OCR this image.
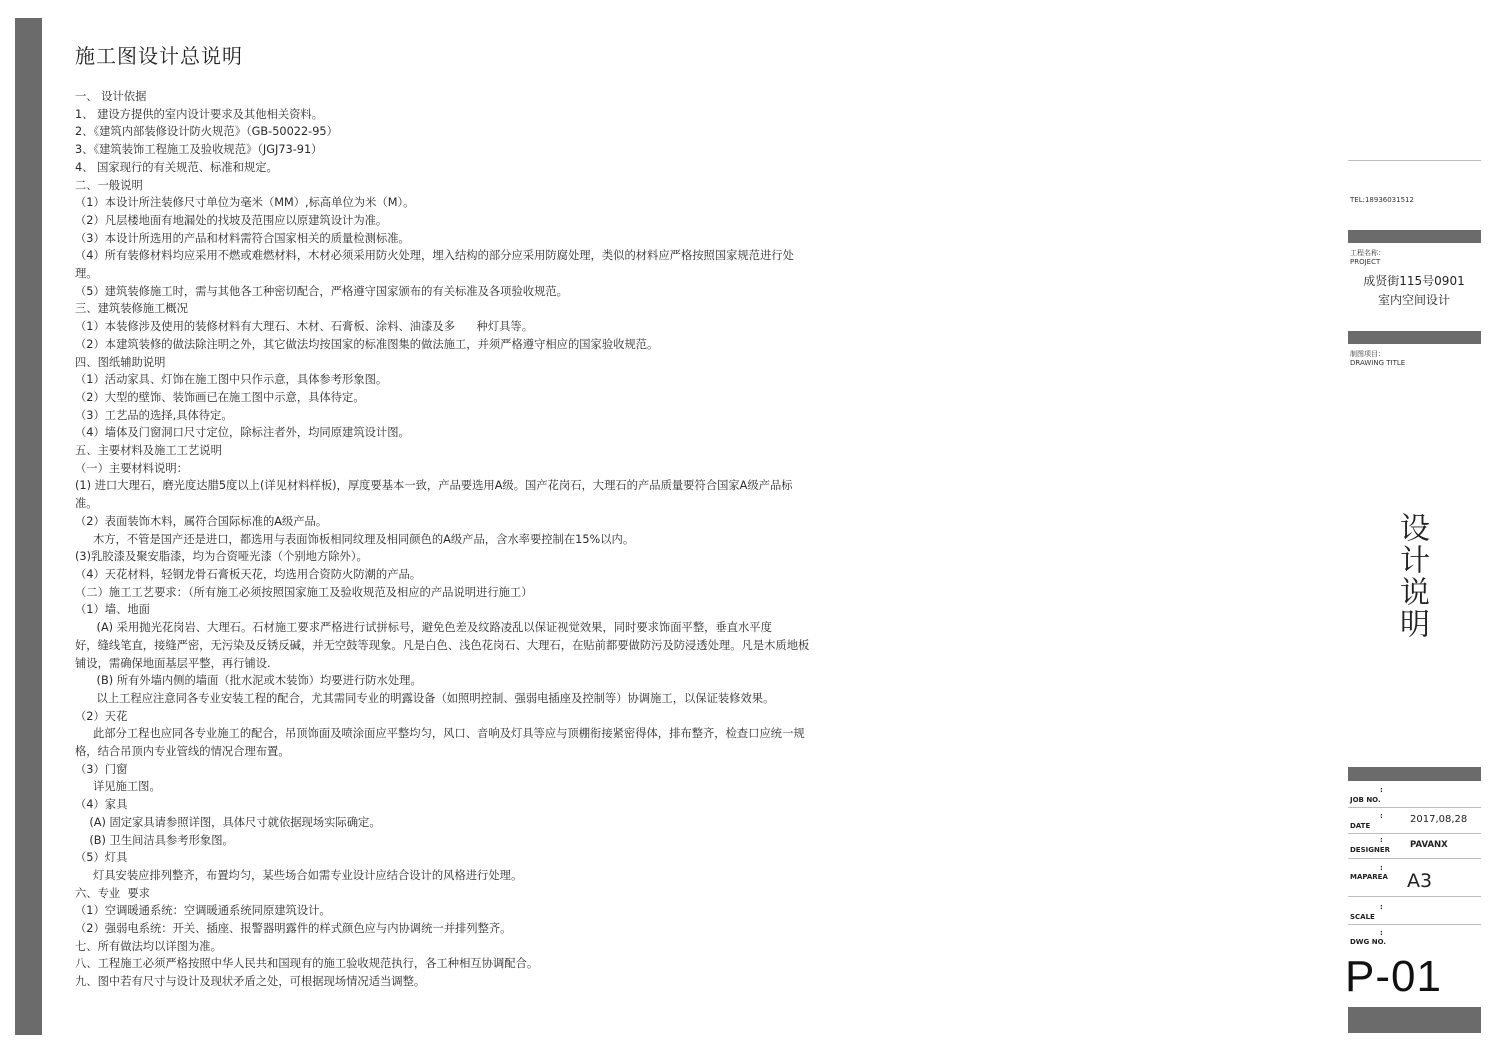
施工图设计总说明
一、 设计依据
1、 建设方提供的室内设计要求及其他相关资料。
2、《建筑内部装修设计防火规范》（GB-50022-95）
3、《建筑装饰工程施工及验收规范》（JGJ73-91）
4、 国家现行的有关规范、标准和规定。
二、一般说明
（1）本设计所注装修尺寸单位为毫米（MM）,标高单位为米（M）。
（2）凡层楼地面有地漏处的找坡及范围应以原建筑设计为准。
（3）本设计所选用的产品和材料需符合国家相关的质量检测标准。
（4）所有装修材料均应采用不燃或难燃材料，木材必须采用防火处理，埋入结构的部分应采用防腐处理，类似的材料应严格按照国家规范进行处
理。
（5）建筑装修施工时，需与其他各工种密切配合，严格遵守国家颁布的有关标准及各项验收规范。
三、建筑装修施工概况
（1）本装修涉及使用的装修材料有大理石、木材、石膏板、涂料、油漆及多      种灯具等。
（2）本建筑装修的做法除注明之外，其它做法均按国家的标准图集的做法施工，并须严格遵守相应的国家验收规范。
四、图纸辅助说明
（1）活动家具、灯饰在施工图中只作示意，具体参考形象图。
（2）大型的壁饰、装饰画已在施工图中示意，具体待定。
（3）工艺品的选择,具体待定。
（4）墙体及门窗洞口尺寸定位，除标注者外，均同原建筑设计图。
五、主要材料及施工工艺说明
（一）主要材料说明：
(1) 进口大理石，磨光度达腊5度以上(详见材料样板)，厚度要基本一致，产品要选用A级。国产花岗石，大理石的产品质量要符合国家A级产品标
准。
（2）表面装饰木料，属符合国际标准的A级产品。
木方，不管是国产还是进口，都选用与表面饰板相同纹理及相同颜色的A级产品，含水率要控制在15%以内。
(3)乳胶漆及聚安脂漆，均为合资哑光漆（个别地方除外）。
（4）天花材料，轻钢龙骨石膏板天花，均选用合资防火防潮的产品。
（二）施工工艺要求：（所有施工必须按照国家施工及验收规范及相应的产品说明进行施工）
（1）墙、地面
(A) 采用抛光花岗岩、大理石。石材施工要求严格进行试拼标号，避免色差及纹路凌乱以保证视觉效果，同时要求饰面平整，垂直水平度
好，缝线笔直，接缝严密，无污染及反锈反碱，并无空鼓等现象。凡是白色、浅色花岗石、大理石，在贴前都要做防污及防浸透处理。凡是木质地板
铺设，需确保地面基层平整，再行铺设.
(B) 所有外墙内侧的墙面（批水泥或木装饰）均要进行防水处理。
以上工程应注意同各专业安装工程的配合，尤其需同专业的明露设备（如照明控制、强弱电插座及控制等）协调施工，以保证装修效果。
（2）天花
此部分工程也应同各专业施工的配合，吊顶饰面及喷涂面应平整均匀，风口、音响及灯具等应与顶棚衔接紧密得体，排布整齐，检查口应统一规
格，结合吊顶内专业管线的情况合理布置。
（3）门窗
详见施工图。
（4）家具
(A) 固定家具请参照详图，具体尺寸就依据现场实际确定。
(B) 卫生间洁具参考形象图。
（5）灯具
灯具安装应排列整齐，布置均匀，某些场合如需专业设计应结合设计的风格进行处理。
六、专业  要求
（1）空调暖通系统：空调暖通系统同原建筑设计。
（2）强弱电系统：开关、插座、报警器明露件的样式颜色应与内协调统一并排列整齐。
七、所有做法均以详图为准。
八、工程施工必须严格按照中华人民共和国现有的施工验收规范执行，各工种相互协调配合。
九、图中若有尺寸与设计及现状矛盾之处，可根据现场情况适当调整。
TEL:18936031512
工程名称：
PROJECT
成贤街115号0901
室内空间设计
制图项目：
DRAWING TITLE
设计说明
:
JOB NO.
:
DATE
2017,08,28
:
DESIGNER PAVANX
:
MAPAREA A3
:
SCALE
:
DWG NO.
P-01
